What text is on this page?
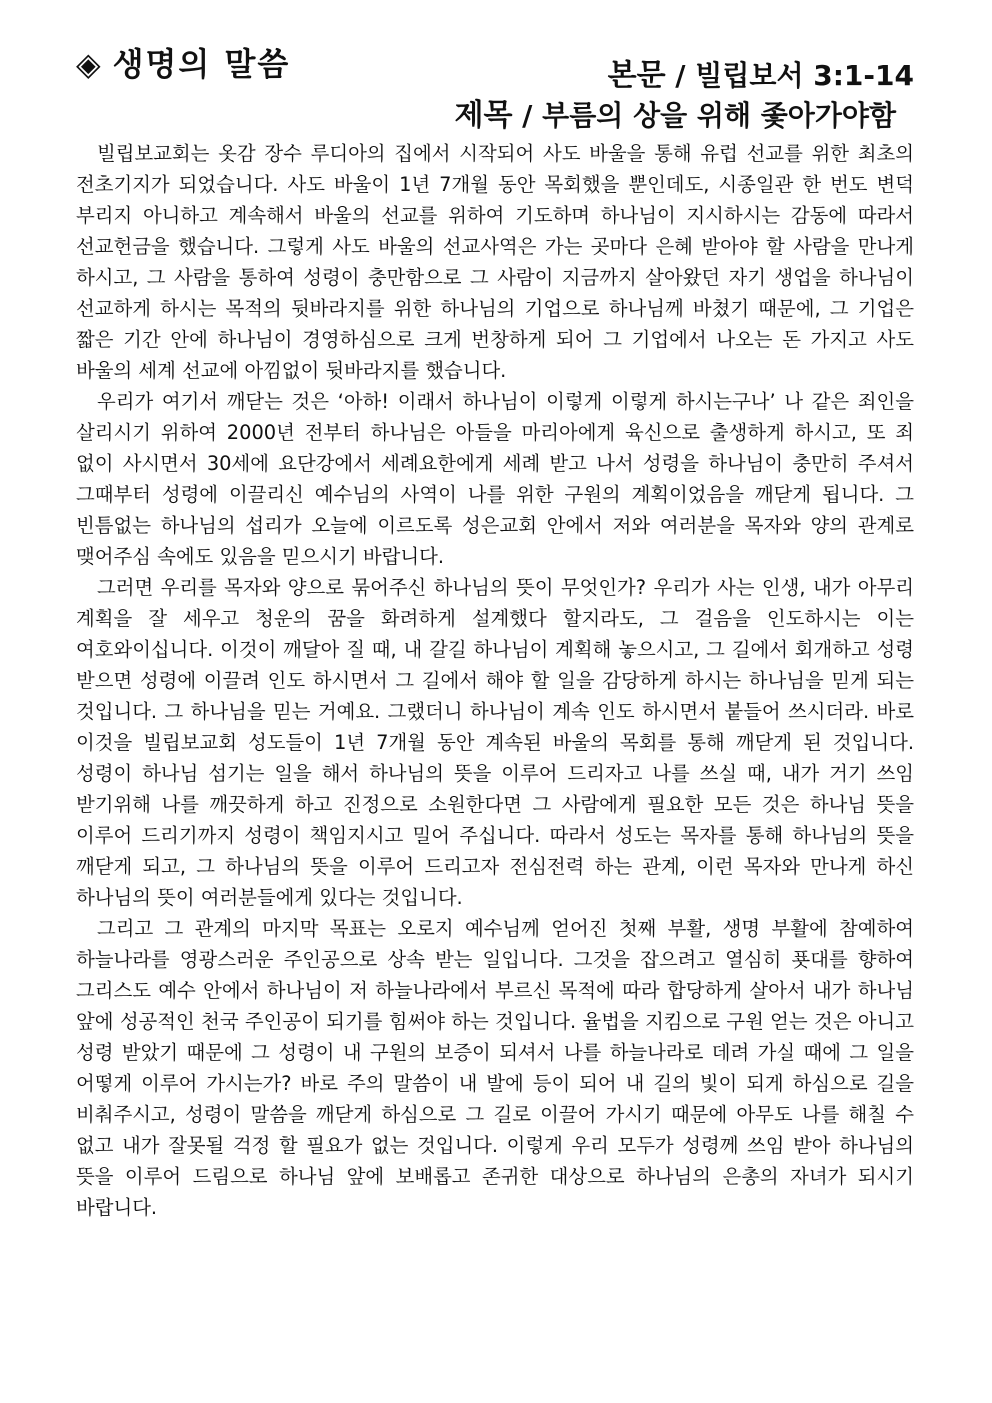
◈ 생명의 말씀	본문 / 빌립보서 3:1-14
제목 / 부름의 상을 위해 좇아가야함

빌립보교회는 옷감 장수 루디아의 집에서 시작되어 사도 바울을 통해 유럽 선교를 위한 최초의 전초기지가 되었습니다. 사도 바울이 1년 7개월 동안 목회했을 뿐인데도, 시종일관 한 번도 변덕 부리지 아니하고 계속해서 바울의 선교를 위하여 기도하며 하나님이 지시하시는 감동에 따라서 선교헌금을 했습니다. 그렇게 사도 바울의 선교사역은 가는 곳마다 은혜 받아야 할 사람을 만나게 하시고, 그 사람을 통하여 성령이 충만함으로 그 사람이 지금까지 살아왔던 자기 생업을 하나님이 선교하게 하시는 목적의 뒷바라지를 위한 하나님의 기업으로 하나님께 바쳤기 때문에, 그 기업은 짧은 기간 안에 하나님이 경영하심으로 크게 번창하게 되어 그 기업에서 나오는 돈 가지고 사도 바울의 세계 선교에 아낌없이 뒷바라지를 했습니다.

우리가 여기서 깨닫는 것은 ‘아하! 이래서 하나님이 이렇게 이렇게 하시는구나’ 나 같은 죄인을 살리시기 위하여 2000년 전부터 하나님은 아들을 마리아에게 육신으로 출생하게 하시고, 또 죄 없이 사시면서 30세에 요단강에서 세례요한에게 세례 받고 나서 성령을 하나님이 충만히 주셔서 그때부터 성령에 이끌리신 예수님의 사역이 나를 위한 구원의 계획이었음을 깨닫게 됩니다. 그 빈틈없는 하나님의 섭리가 오늘에 이르도록 성은교회 안에서 저와 여러분을 목자와 양의 관계로 맺어주심 속에도 있음을 믿으시기 바랍니다.

그러면 우리를 목자와 양으로 묶어주신 하나님의 뜻이 무엇인가? 우리가 사는 인생, 내가 아무리 계획을 잘 세우고 청운의 꿈을 화려하게 설계했다 할지라도, 그 걸음을 인도하시는 이는 여호와이십니다. 이것이 깨달아 질 때, 내 갈길 하나님이 계획해 놓으시고, 그 길에서 회개하고 성령 받으면 성령에 이끌려 인도 하시면서 그 길에서 해야 할 일을 감당하게 하시는 하나님을 믿게 되는 것입니다. 그 하나님을 믿는 거예요. 그랬더니 하나님이 계속 인도 하시면서 붙들어 쓰시더라. 바로 이것을 빌립보교회 성도들이 1년 7개월 동안 계속된 바울의 목회를 통해 깨닫게 된 것입니다. 성령이 하나님 섬기는 일을 해서 하나님의 뜻을 이루어 드리자고 나를 쓰실 때, 내가 거기 쓰임 받기위해 나를 깨끗하게 하고 진정으로 소원한다면 그 사람에게 필요한 모든 것은 하나님 뜻을 이루어 드리기까지 성령이 책임지시고 밀어 주십니다. 따라서 성도는 목자를 통해 하나님의 뜻을 깨닫게 되고, 그 하나님의 뜻을 이루어 드리고자 전심전력 하는 관계, 이런 목자와 만나게 하신 하나님의 뜻이 여러분들에게 있다는 것입니다.

그리고 그 관계의 마지막 목표는 오로지 예수님께 얻어진 첫째 부활, 생명 부활에 참예하여 하늘나라를 영광스러운 주인공으로 상속 받는 일입니다. 그것을 잡으려고 열심히 푯대를 향하여 그리스도 예수 안에서 하나님이 저 하늘나라에서 부르신 목적에 따라 합당하게 살아서 내가 하나님 앞에 성공적인 천국 주인공이 되기를 힘써야 하는 것입니다. 율법을 지킴으로 구원 얻는 것은 아니고 성령 받았기 때문에 그 성령이 내 구원의 보증이 되셔서 나를 하늘나라로 데려 가실 때에 그 일을 어떻게 이루어 가시는가? 바로 주의 말씀이 내 발에 등이 되어 내 길의 빛이 되게 하심으로 길을 비춰주시고, 성령이 말씀을 깨닫게 하심으로 그 길로 이끌어 가시기 때문에 아무도 나를 해칠 수 없고 내가 잘못될 걱정 할 필요가 없는 것입니다. 이렇게 우리 모두가 성령께 쓰임 받아 하나님의 뜻을 이루어 드림으로 하나님 앞에 보배롭고 존귀한 대상으로 하나님의 은총의 자녀가 되시기 바랍니다.
